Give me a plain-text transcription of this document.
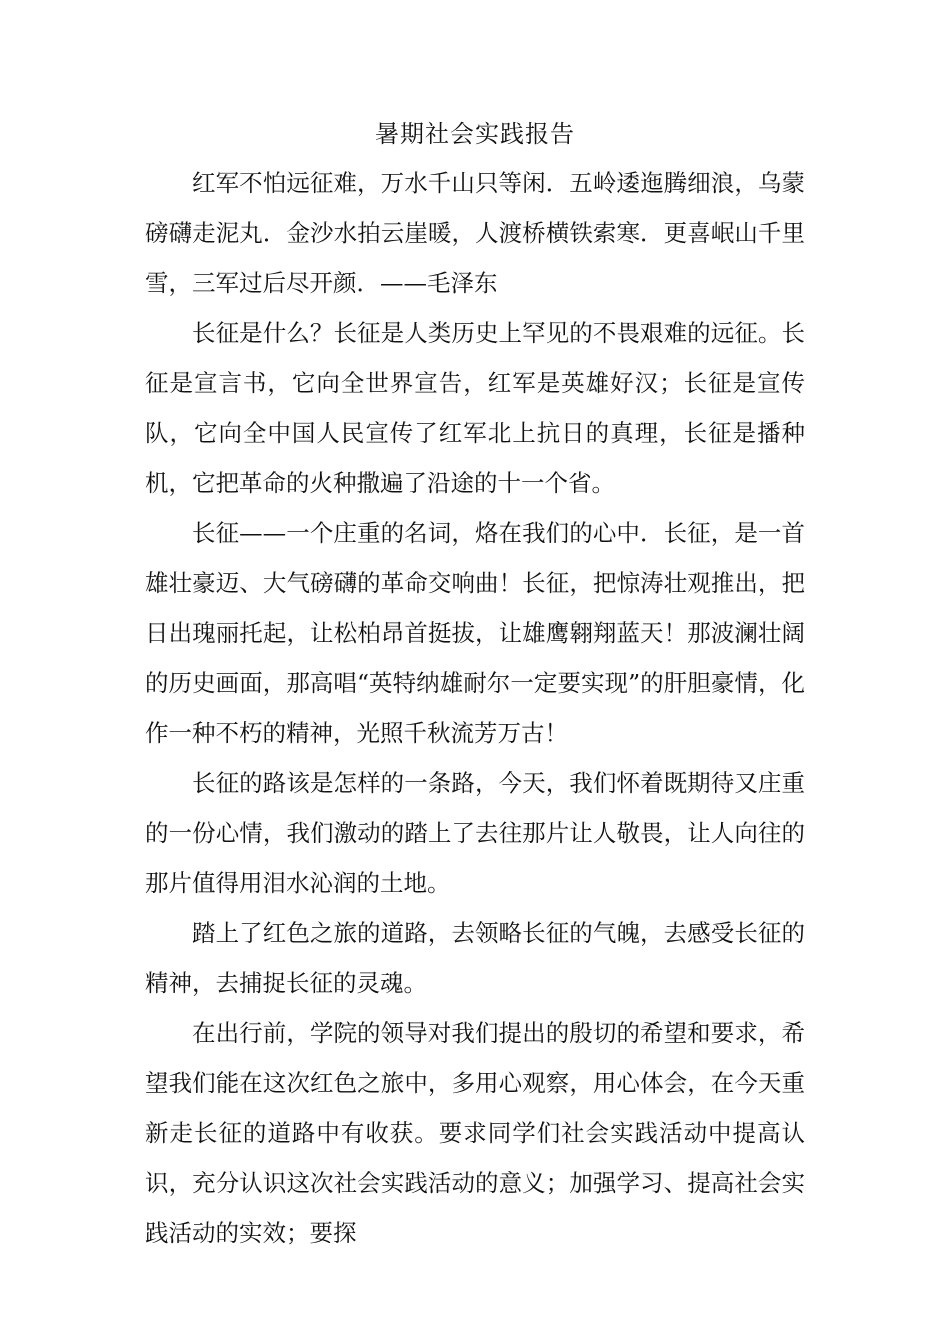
暑期社会实践报告

红军不怕远征难，万水千山只等闲．五岭逶迤腾细浪，乌蒙磅礴走泥丸．金沙水拍云崖暖，人渡桥横铁索寒．更喜岷山千里雪，三军过后尽开颜．——毛泽东

长征是什么？长征是人类历史上罕见的不畏艰难的远征。长征是宣言书，它向全世界宣告，红军是英雄好汉；长征是宣传队，它向全中国人民宣传了红军北上抗日的真理，长征是播种机，它把革命的火种撒遍了沿途的十一个省。

长征——一个庄重的名词，烙在我们的心中．长征，是一首雄壮豪迈、大气磅礴的革命交响曲！长征，把惊涛壮观推出，把日出瑰丽托起，让松柏昂首挺拔，让雄鹰翱翔蓝天！那波澜壮阔的历史画面，那高唱“英特纳雄耐尔一定要实现”的肝胆豪情，化作一种不朽的精神，光照千秋流芳万古！

长征的路该是怎样的一条路，今天，我们怀着既期待又庄重的一份心情，我们激动的踏上了去往那片让人敬畏，让人向往的那片值得用泪水沁润的土地。

踏上了红色之旅的道路，去领略长征的气魄，去感受长征的精神，去捕捉长征的灵魂。

在出行前，学院的领导对我们提出的殷切的希望和要求，希望我们能在这次红色之旅中，多用心观察，用心体会，在今天重新走长征的道路中有收获。要求同学们社会实践活动中提高认识，充分认识这次社会实践活动的意义；加强学习、提高社会实践活动的实效；要探
